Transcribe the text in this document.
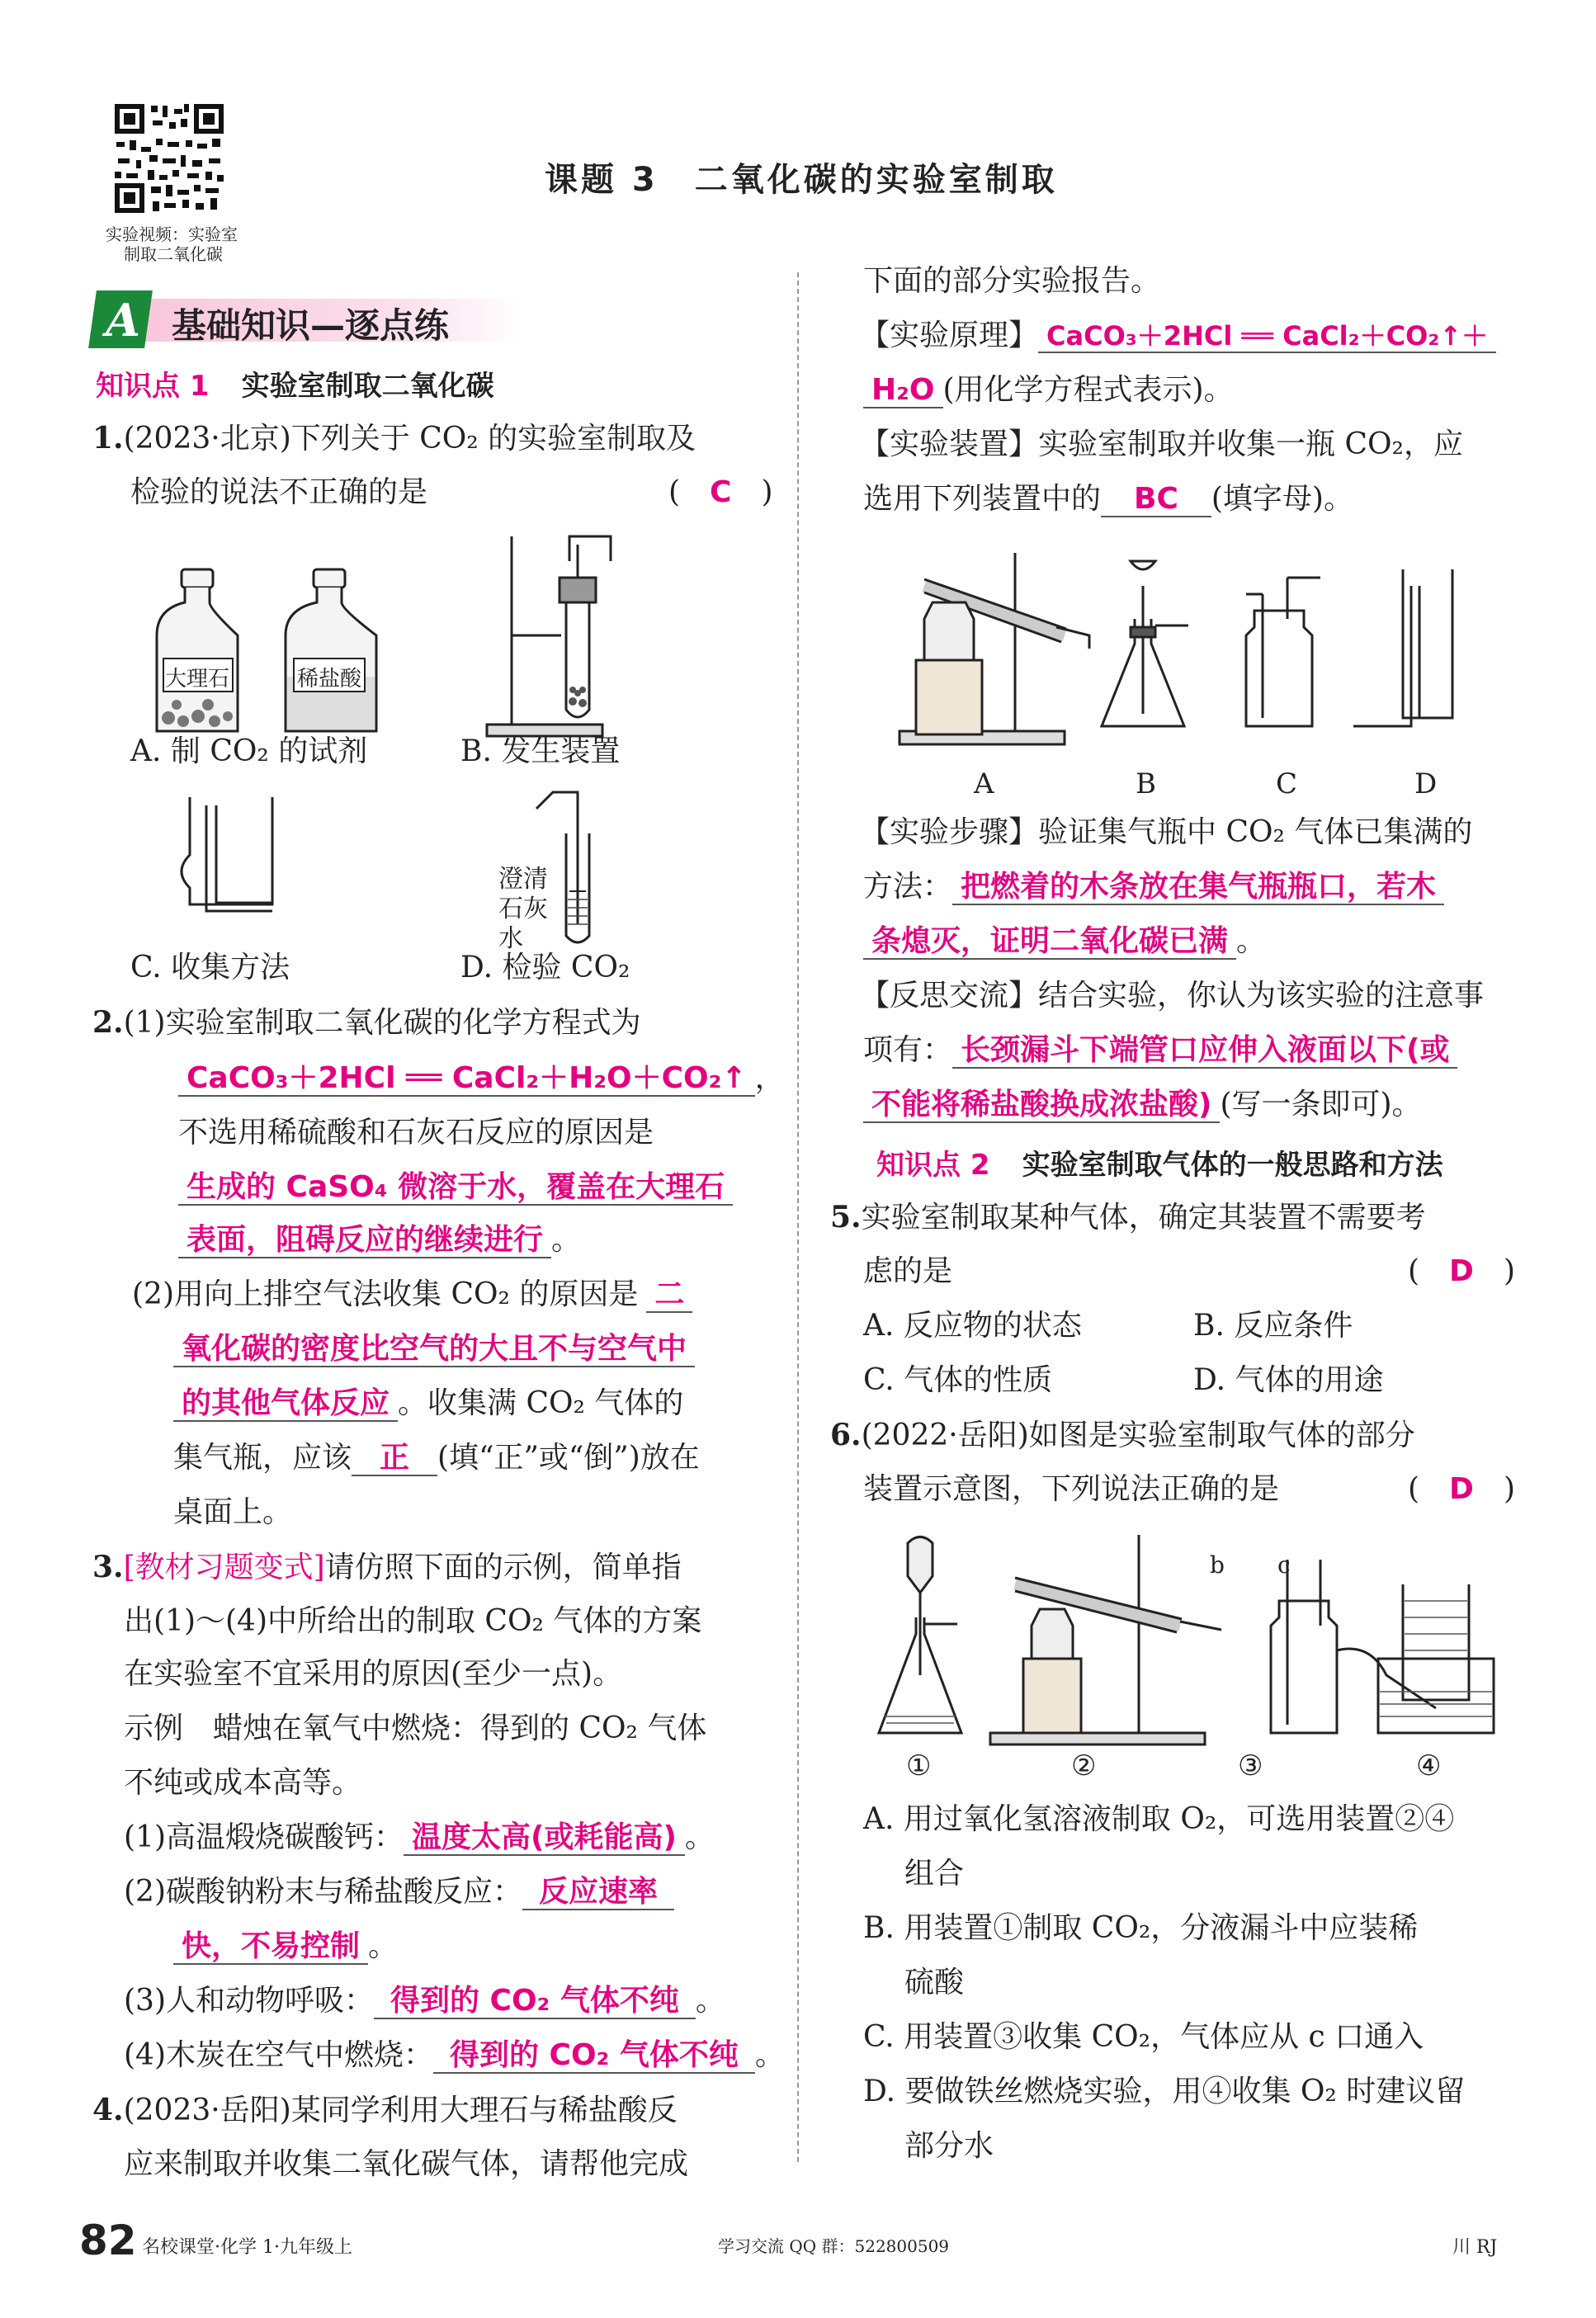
实验视频：实验室
制取二氧化碳
课题 3　二氧化碳的实验室制取
A 基础知识—逐点练
知识点 1 实验室制取二氧化碳
1.(2023·北京)下列关于 CO₂ 的实验室制取及
检验的说法不正确的是	(　C　)
大理石	稀盐酸
A. 制 CO₂ 的试剂	B. 发生装置
C. 收集方法
澄清
石灰
水
D. 检验 CO₂
2.(1)实验室制取二氧化碳的化学方程式为
CaCO₃＋2HCl ══ CaCl₂＋H₂O＋CO₂↑ ，
不选用稀硫酸和石灰石反应的原因是
生成的 CaSO₄ 微溶于水，覆盖在大理石
表面，阻碍反应的继续进行 。
(2)用向上排空气法收集 CO₂ 的原因是 二
氧化碳的密度比空气的大且不与空气中
的其他气体反应 。收集满 CO₂ 气体的
集气瓶，应该 正 (填“正”或“倒”)放在
桌面上。
3.[教材习题变式]请仿照下面的示例，简单指
出(1)～(4)中所给出的制取 CO₂ 气体的方案
在实验室不宜采用的原因(至少一点)。
示例　蜡烛在氧气中燃烧：得到的 CO₂ 气体
不纯或成本高等。
(1)高温煅烧碳酸钙： 温度太高(或耗能高) 。
(2)碳酸钠粉末与稀盐酸反应： 反应速率
快，不易控制 。
(3)人和动物呼吸： 得到的 CO₂ 气体不纯 。
(4)木炭在空气中燃烧： 得到的 CO₂ 气体不纯 。
4.(2023·岳阳)某同学利用大理石与稀盐酸反
应来制取并收集二氧化碳气体，请帮他完成
下面的部分实验报告。
【实验原理】 CaCO₃＋2HCl ══ CaCl₂＋CO₂↑＋
H₂O (用化学方程式表示)。
【实验装置】实验室制取并收集一瓶 CO₂，应
选用下列装置中的 BC (填字母)。
A	B	C	D
【实验步骤】验证集气瓶中 CO₂ 气体已集满的
方法： 把燃着的木条放在集气瓶瓶口，若木
条熄灭，证明二氧化碳已满 。
【反思交流】结合实验，你认为该实验的注意事
项有： 长颈漏斗下端管口应伸入液面以下(或
不能将稀盐酸换成浓盐酸) (写一条即可)。
知识点 2 实验室制取气体的一般思路和方法
5.实验室制取某种气体，确定其装置不需要考
虑的是	(　D　)
A. 反应物的状态	B. 反应条件
C. 气体的性质	D. 气体的用途
6.(2022·岳阳)如图是实验室制取气体的部分
装置示意图，下列说法正确的是	(　D　)
b c
①	②	③	④
A. 用过氧化氢溶液制取 O₂，可选用装置②④
组合
B. 用装置①制取 CO₂，分液漏斗中应装稀
硫酸
C. 用装置③收集 CO₂，气体应从 c 口通入
D. 要做铁丝燃烧实验，用④收集 O₂ 时建议留
部分水
82 名校课堂·化学 1·九年级上	学习交流 QQ 群：522800509	川 RJ
